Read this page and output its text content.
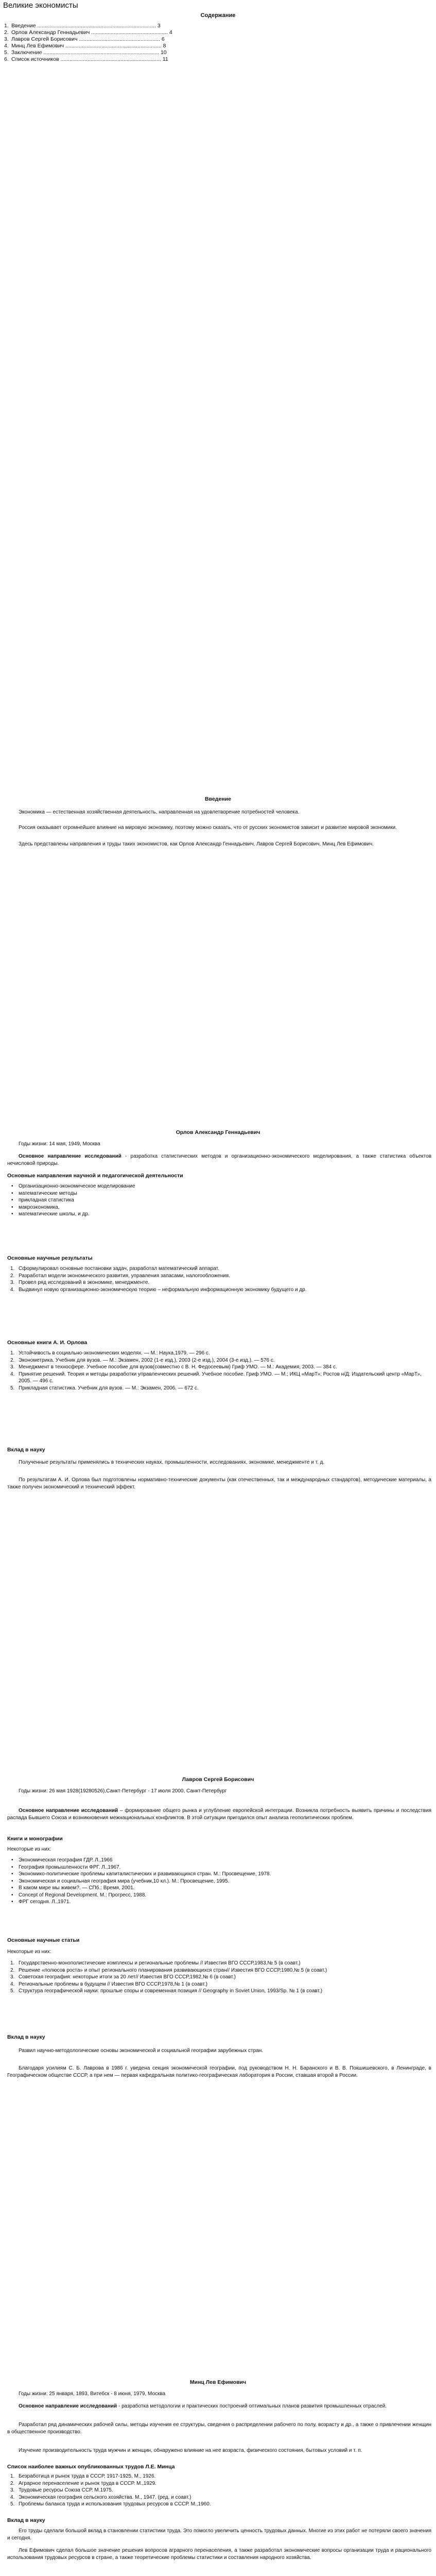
Великие экономисты
Содержание
1. Введение ............................................................................... 3
2. Орлов Александр Геннадьевич ................................................... 4
3. Лавров Сергей Борисович ...................................................... 6
4. Минц Лев Ефимович ................................................................ 8
5. Заключение ............................................................................. 10
6. Список источников ................................................................... 11
Введение

Экономика — естественная хозяйственная деятельность, направленная на удовлетворение потребностей человека.

Россия оказывает огромнейшее влияние на мировую экономику, поэтому можно сказать, что от русских экономистов зависит и развитие мировой экономики.

Здесь представлены направления и труды таких экономистов, как Орлов Александр Геннадьевич, Лавров Сергей Борисович, Минц Лев Ефимович.

Орлов Александр Геннадьевич

Годы жизни: 14 мая, 1949, Москва

Основное направление исследований - разработка статистических методов и организационно-экономического моделирования, а также статистика объектов нечисловой природы.

Основные направления научной и педагогической деятельности
• Организационно-экономическое моделирование
• математические методы
• прикладная статистика
• макроэкономика,
• математические школы, и др.
Основные научные результаты
1. Сформулировал основные постановки задач, разработал математический аппарат.
2. Разработал модели экономического развития, управления запасами, налогообложения.
3. Провел ряд исследований в экономике, менеджменте.
4. Выдвинул новую организационно-экономическую теорию – неформальную информационную экономику будущего и др.
Основные книги А. И. Орлова
1. Устойчивость в социально-экономических моделях. — М.: Наука,1979. — 296 с.
2. Эконометрика. Учебник для вузов. — М.: Экзамен, 2002 (1-е изд.), 2003 (2-е изд.), 2004 (3-е изд.). — 576 с.
3. Менеджмент в техносфере. Учебное пособие для вузов(совместно с В. Н. Федосеевым) Гриф УМО. — М.: Академия, 2003. — 384 с.
4. Принятие решений. Теория и методы разработки управленческих решений. Учебное пособие. Гриф УМО. — М.; ИКЦ «МарТ»; Ростов н/Д: Издательский центр «МарТ», 2005. — 496 с.
5. Прикладная статистика. Учебник для вузов. — М.: Экзамен, 2006. — 672 с.
Вклад в науку

Полученные результаты применялись в технических науках, промышленности, исследованиях, экономике, менеджменте и т. д.

По результатам А. И. Орлова был подготовлены нормативно-технические документы (как отечественных, так и международных стандартов), методические материалы, а также получен экономический и технический эффект.

Лавров Сергей Борисович

Годы жизни: 26 мая 1928(19280526),Санкт-Петербург - 17 июля 2000, Санкт-Петербург

Основное направление исследований – формирование общего рынка и углубление европейской интеграции. Возникла потребность выявить причины и последствия распада Бывшего Союза и возникновения межнациональных конфликтов. В этой ситуации пригодился опыт анализа геополитических проблем.

Книги и монографии

Некоторые из них:

• Экономическая география ГДР. Л.,1966
• География промышленности ФРГ. Л.,1967.
• Экономико-политические проблемы капиталистических и развивающихся стран. М.: Просвещение, 1978.
• Экономическая и социальная география мира (учебник,10 кл.). М.: Просвещение, 1995.
• В каком мире мы живем?. — СПб.: Время, 2001.
• Concept of Regional Development. М.: Прогресс, 1988.
• ФРГ сегодня. Л.,1971.
Основные научные статьи

Некоторые из них:

1. Государственно-монополистические комплексы и региональные проблемы // Известия ВГО СССР,1983,№ 5 (в соавт.)
2. Решение «полюсов роста» и опыт регионального планирования развивающихся стран// Известия ВГО СССР,1980,№ 5 (в соавт.)
3. Советская география: некоторые итоги за 20 лет// Известия ВГО СССР,1982,№ 6 (в соавт.)
4. Региональные проблемы в будущем // Известия ВГО СССР,1978,№ 1 (в соавт.)
5. Структура географической науки: прошлые споры и современная позиция // Geography in Soviet Union, 1993/Sp. № 1 (в соавт.)
Вклад в науку

Развил научно-методологические основы экономической и социальной географии зарубежных стран.

Благодаря усилиям С. Б. Лаврова в 1986 г. уведена секция экономической географии, под руководством Н. Н. Баранского и В. В. Покшишевского, в Ленинграде, в Географическом обществе СССР, а при нем — первая кафедральная политико-географическая лаборатория в России, ставшая второй в России.

Минц Лев Ефимович

Годы жизни: 25 января, 1893, Витебск - 8 июня, 1979, Москва

Основное направление исследований - разработка методологии и практических построений оптимальных планов развития промышленных отраслей.

Разработал ряд динамических рабочей силы, методы изучения ее структуры, сведения о распределении рабочего по полу, возрасту и др., а также о привлечении женщин в общественное производство.

Изучение производительность труда мужчин и женщин, обнаружено влияние на нее возраста, физического состояния, бытовых условий и т. п.

Список наиболее важных опубликованных трудов Л.Е. Минца
1. Безработица и рынок труда в СССР, 1917-1925, М., 1926.
2. Аграрное перенаселение и рынок труда в СССР. М.,1929.
3. Трудовые ресурсы Союза ССР. М.1975.
4. Экономическая география сельского хозяйства. М., 1947. (ред. и соавт.)
5. Проблемы баланса труда и использования трудовых ресурсов в СССР. М.,1960.
Вклад в науку

Его труды сделали большой вклад в становлении статистики труда. Это помогло увеличить ценность трудовых данных. Многие из этих работ не потеряли своего значения и сегодня.

Лев Ефимович сделал большое значение решения вопросов аграрного перенаселения, а также разработал экономические вопросы организации труда и рационального использования трудовых ресурсов в стране, а также теоретические проблемы статистики и составления народного хозяйства.
